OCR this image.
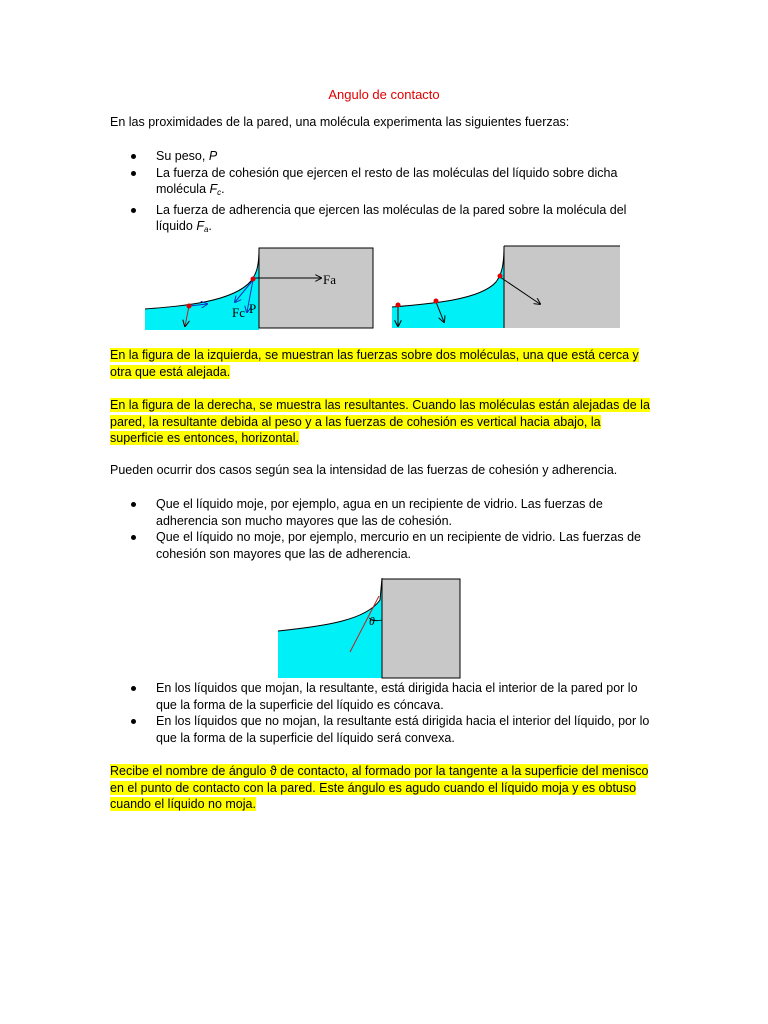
Angulo de contacto
En las proximidades de la pared, una molécula experimenta las siguientes fuerzas:
Su peso, P
La fuerza de cohesión que ejercen el resto de las moléculas del líquido sobre dicha molécula $F_c$.
La fuerza de adherencia que ejercen las moléculas de la pared sobre la molécula del líquido $F_a$.
Fa
Fc P
En la figura de la izquierda, se muestran las fuerzas sobre dos moléculas, una que está cerca y otra que está alejada.
En la figura de la derecha, se muestra las resultantes. Cuando las moléculas están alejadas de la pared, la resultante debida al peso y a las fuerzas de cohesión es vertical hacia abajo, la superficie es entonces, horizontal.
Pueden ocurrir dos casos según sea la intensidad de las fuerzas de cohesión y adherencia.
Que el líquido moje, por ejemplo, agua en un recipiente de vidrio. Las fuerzas de adherencia son mucho mayores que las de cohesión.
Que el líquido no moje, por ejemplo, mercurio en un recipiente de vidrio. Las fuerzas de cohesión son mayores que las de adherencia.
θ
En los líquidos que mojan, la resultante, está dirigida hacia el interior de la pared por lo que la forma de la superficie del líquido es cóncava.
En los líquidos que no mojan, la resultante está dirigida hacia el interior del líquido, por lo que la forma de la superficie del líquido será convexa.
Recibe el nombre de ángulo ϑ de contacto, al formado por la tangente a la superficie del menisco en el punto de contacto con la pared. Este ángulo es agudo cuando el líquido moja y es obtuso cuando el líquido no moja.
